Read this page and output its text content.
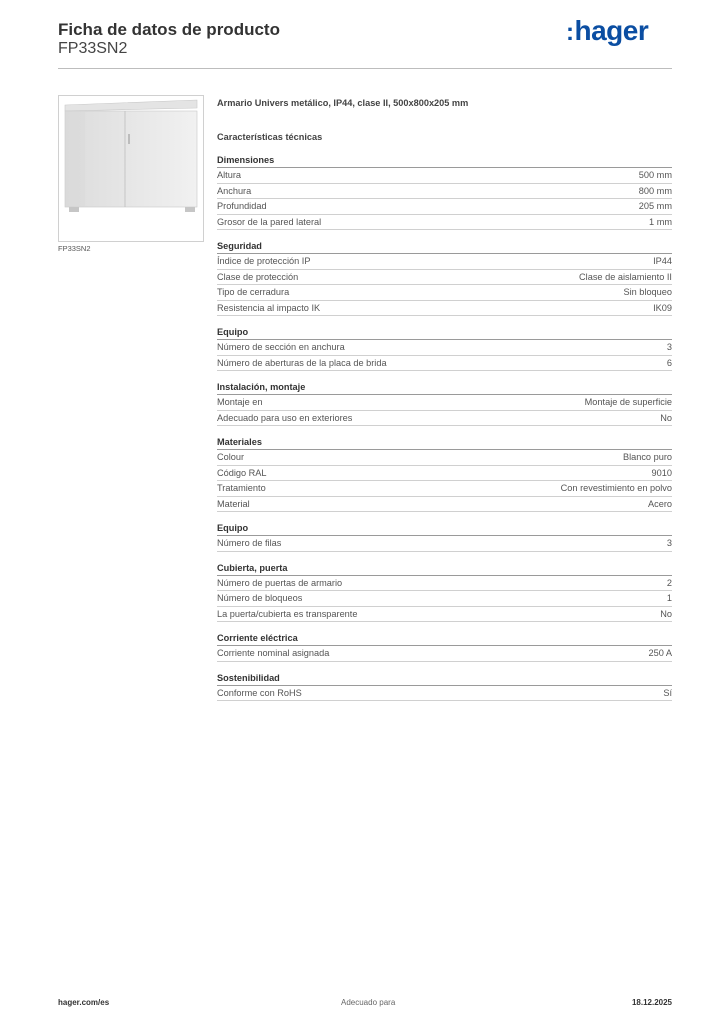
Ficha de datos de producto
FP33SN2
:hager
FP33SN2
Armario Univers metálico, IP44, clase II, 500x800x205 mm
Características técnicas
Dimensiones
Altura	500 mm
Anchura	800 mm
Profundidad	205 mm
Grosor de la pared lateral	1 mm
Seguridad
Índice de protección IP	IP44
Clase de protección	Clase de aislamiento II
Tipo de cerradura	Sin bloqueo
Resistencia al impacto IK	IK09
Equipo
Número de sección en anchura	3
Número de aberturas de la placa de brida	6
Instalación, montaje
Montaje en	Montaje de superficie
Adecuado para uso en exteriores	No
Materiales
Colour	Blanco puro
Código RAL	9010
Tratamiento	Con revestimiento en polvo
Material	Acero
Equipo
Número de filas	3
Cubierta, puerta
Número de puertas de armario	2
Número de bloqueos	1
La puerta/cubierta es transparente	No
Corriente eléctrica
Corriente nominal asignada	250 A
Sostenibilidad
Conforme con RoHS	Sí
hager.com/es	Adecuado para	18.12.2025
